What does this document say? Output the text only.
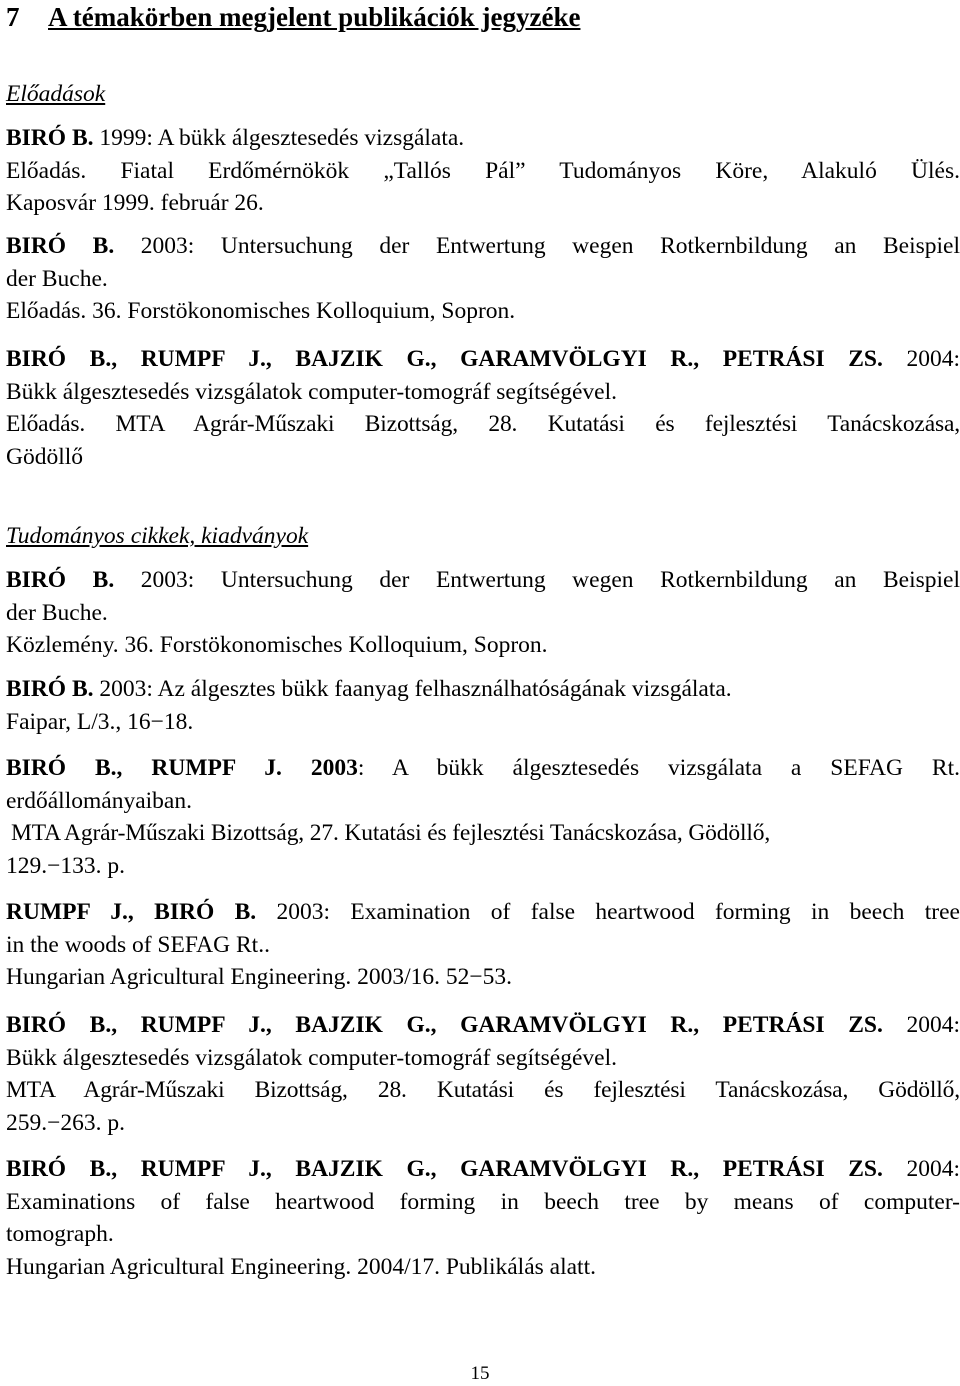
7 A témakörben megjelent publikációk jegyzéke
Előadások
BIRÓ B. 1999: A bükk álgesztesedés vizsgálata.
Előadás. Fiatal Erdőmérnökök „Tallós Pál” Tudományos Köre, Alakuló Ülés.
Kaposvár 1999. február 26.
BIRÓ B. 2003: Untersuchung der Entwertung wegen Rotkernbildung an Beispiel
der Buche.
Előadás. 36. Forstökonomisches Kolloquium, Sopron.
BIRÓ B., RUMPF J., BAJZIK G., GARAMVÖLGYI R., PETRÁSI ZS. 2004:
Bükk álgesztesedés vizsgálatok computer-tomográf segítségével.
Előadás. MTA Agrár-Műszaki Bizottság, 28. Kutatási és fejlesztési Tanácskozása,
Gödöllő
Tudományos cikkek, kiadványok
BIRÓ B. 2003: Untersuchung der Entwertung wegen Rotkernbildung an Beispiel
der Buche.
Közlemény. 36. Forstökonomisches Kolloquium, Sopron.
BIRÓ B. 2003: Az álgesztes bükk faanyag felhasználhatóságának vizsgálata.
Faipar, L/3., 16−18.
BIRÓ B., RUMPF J. 2003: A bükk álgesztesedés vizsgálata a SEFAG Rt.
erdőállományaiban.
MTA Agrár-Műszaki Bizottság, 27. Kutatási és fejlesztési Tanácskozása, Gödöllő,
129.−133. p.
RUMPF J., BIRÓ B. 2003: Examination of false heartwood forming in beech tree
in the woods of SEFAG Rt..
Hungarian Agricultural Engineering. 2003/16. 52−53.
BIRÓ B., RUMPF J., BAJZIK G., GARAMVÖLGYI R., PETRÁSI ZS. 2004:
Bükk álgesztesedés vizsgálatok computer-tomográf segítségével.
MTA Agrár-Műszaki Bizottság, 28. Kutatási és fejlesztési Tanácskozása, Gödöllő,
259.−263. p.
BIRÓ B., RUMPF J., BAJZIK G., GARAMVÖLGYI R., PETRÁSI ZS. 2004:
Examinations of false heartwood forming in beech tree by means of computer-
tomograph.
Hungarian Agricultural Engineering. 2004/17. Publikálás alatt.
15
